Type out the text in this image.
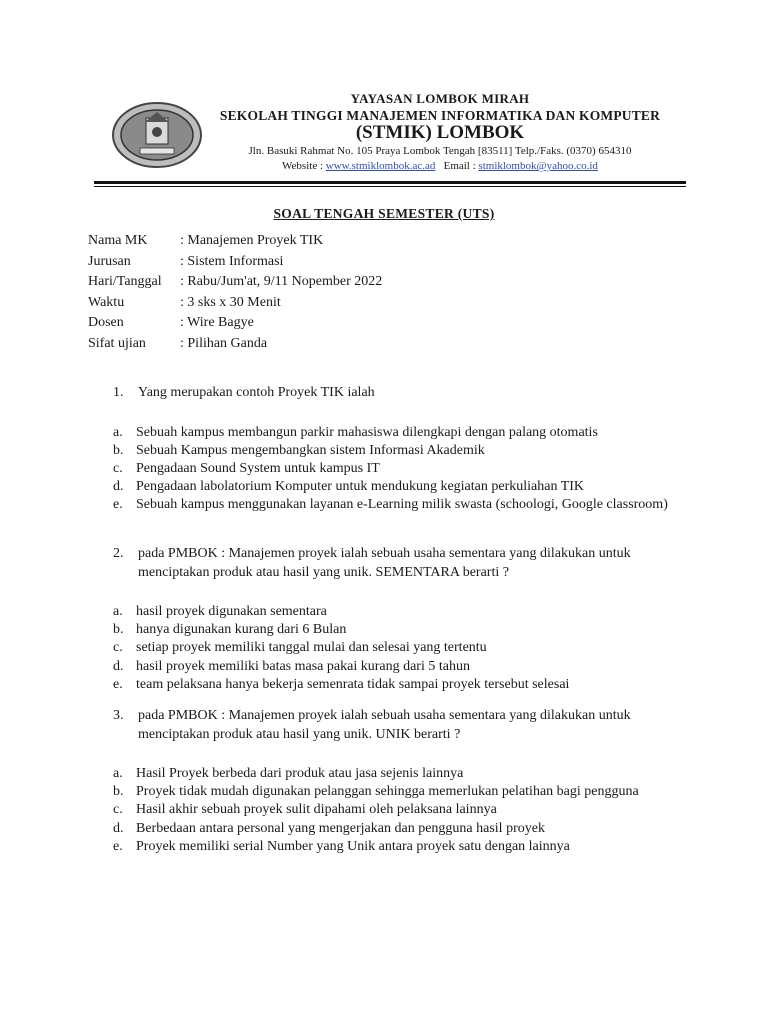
YAYASAN LOMBOK MIRAH
SEKOLAH TINGGI MANAJEMEN INFORMATIKA DAN KOMPUTER
(STMIK) LOMBOK
Jln. Basuki Rahmat No. 105 Praya Lombok Tengah [83511] Telp./Faks. (0370) 654310
Website : www.stmiklombok.ac.ad Email : stmiklombok@yahoo.co.id
SOAL TENGAH SEMESTER (UTS)
Nama MK	: Manajemen Proyek TIK
Jurusan	: Sistem Informasi
Hari/Tanggal	: Rabu/Jum'at, 9/11 Nopember 2022
Waktu	: 3 sks x 30 Menit
Dosen	: Wire Bagye
Sifat ujian	: Pilihan Ganda
1.	Yang merupakan contoh Proyek TIK ialah
a. Sebuah kampus membangun parkir mahasiswa dilengkapi dengan palang otomatis
b. Sebuah Kampus mengembangkan sistem Informasi Akademik
c. Pengadaan Sound System untuk kampus IT
d. Pengadaan labolatorium Komputer untuk mendukung kegiatan perkuliahan TIK
e. Sebuah kampus menggunakan layanan e-Learning milik swasta (schoologi, Google classroom)
2.	pada PMBOK : Manajemen proyek ialah sebuah usaha sementara yang dilakukan untuk menciptakan produk atau hasil yang unik. SEMENTARA berarti ?
a. hasil proyek digunakan sementara
b. hanya digunakan kurang dari 6 Bulan
c. setiap proyek memiliki tanggal mulai dan selesai yang tertentu
d. hasil proyek memiliki batas masa pakai kurang dari 5 tahun
e. team pelaksana hanya bekerja semenrata tidak sampai proyek tersebut selesai
3.	pada PMBOK : Manajemen proyek ialah sebuah usaha sementara yang dilakukan untuk menciptakan produk atau hasil yang unik. UNIK berarti ?
a. Hasil Proyek berbeda dari produk atau jasa sejenis lainnya
b. Proyek tidak mudah digunakan pelanggan sehingga memerlukan pelatihan bagi pengguna
c. Hasil akhir sebuah proyek sulit dipahami oleh pelaksana lainnya
d. Berbedaan antara personal yang mengerjakan dan pengguna hasil proyek
e. Proyek memiliki serial Number yang Unik antara proyek satu dengan lainnya
